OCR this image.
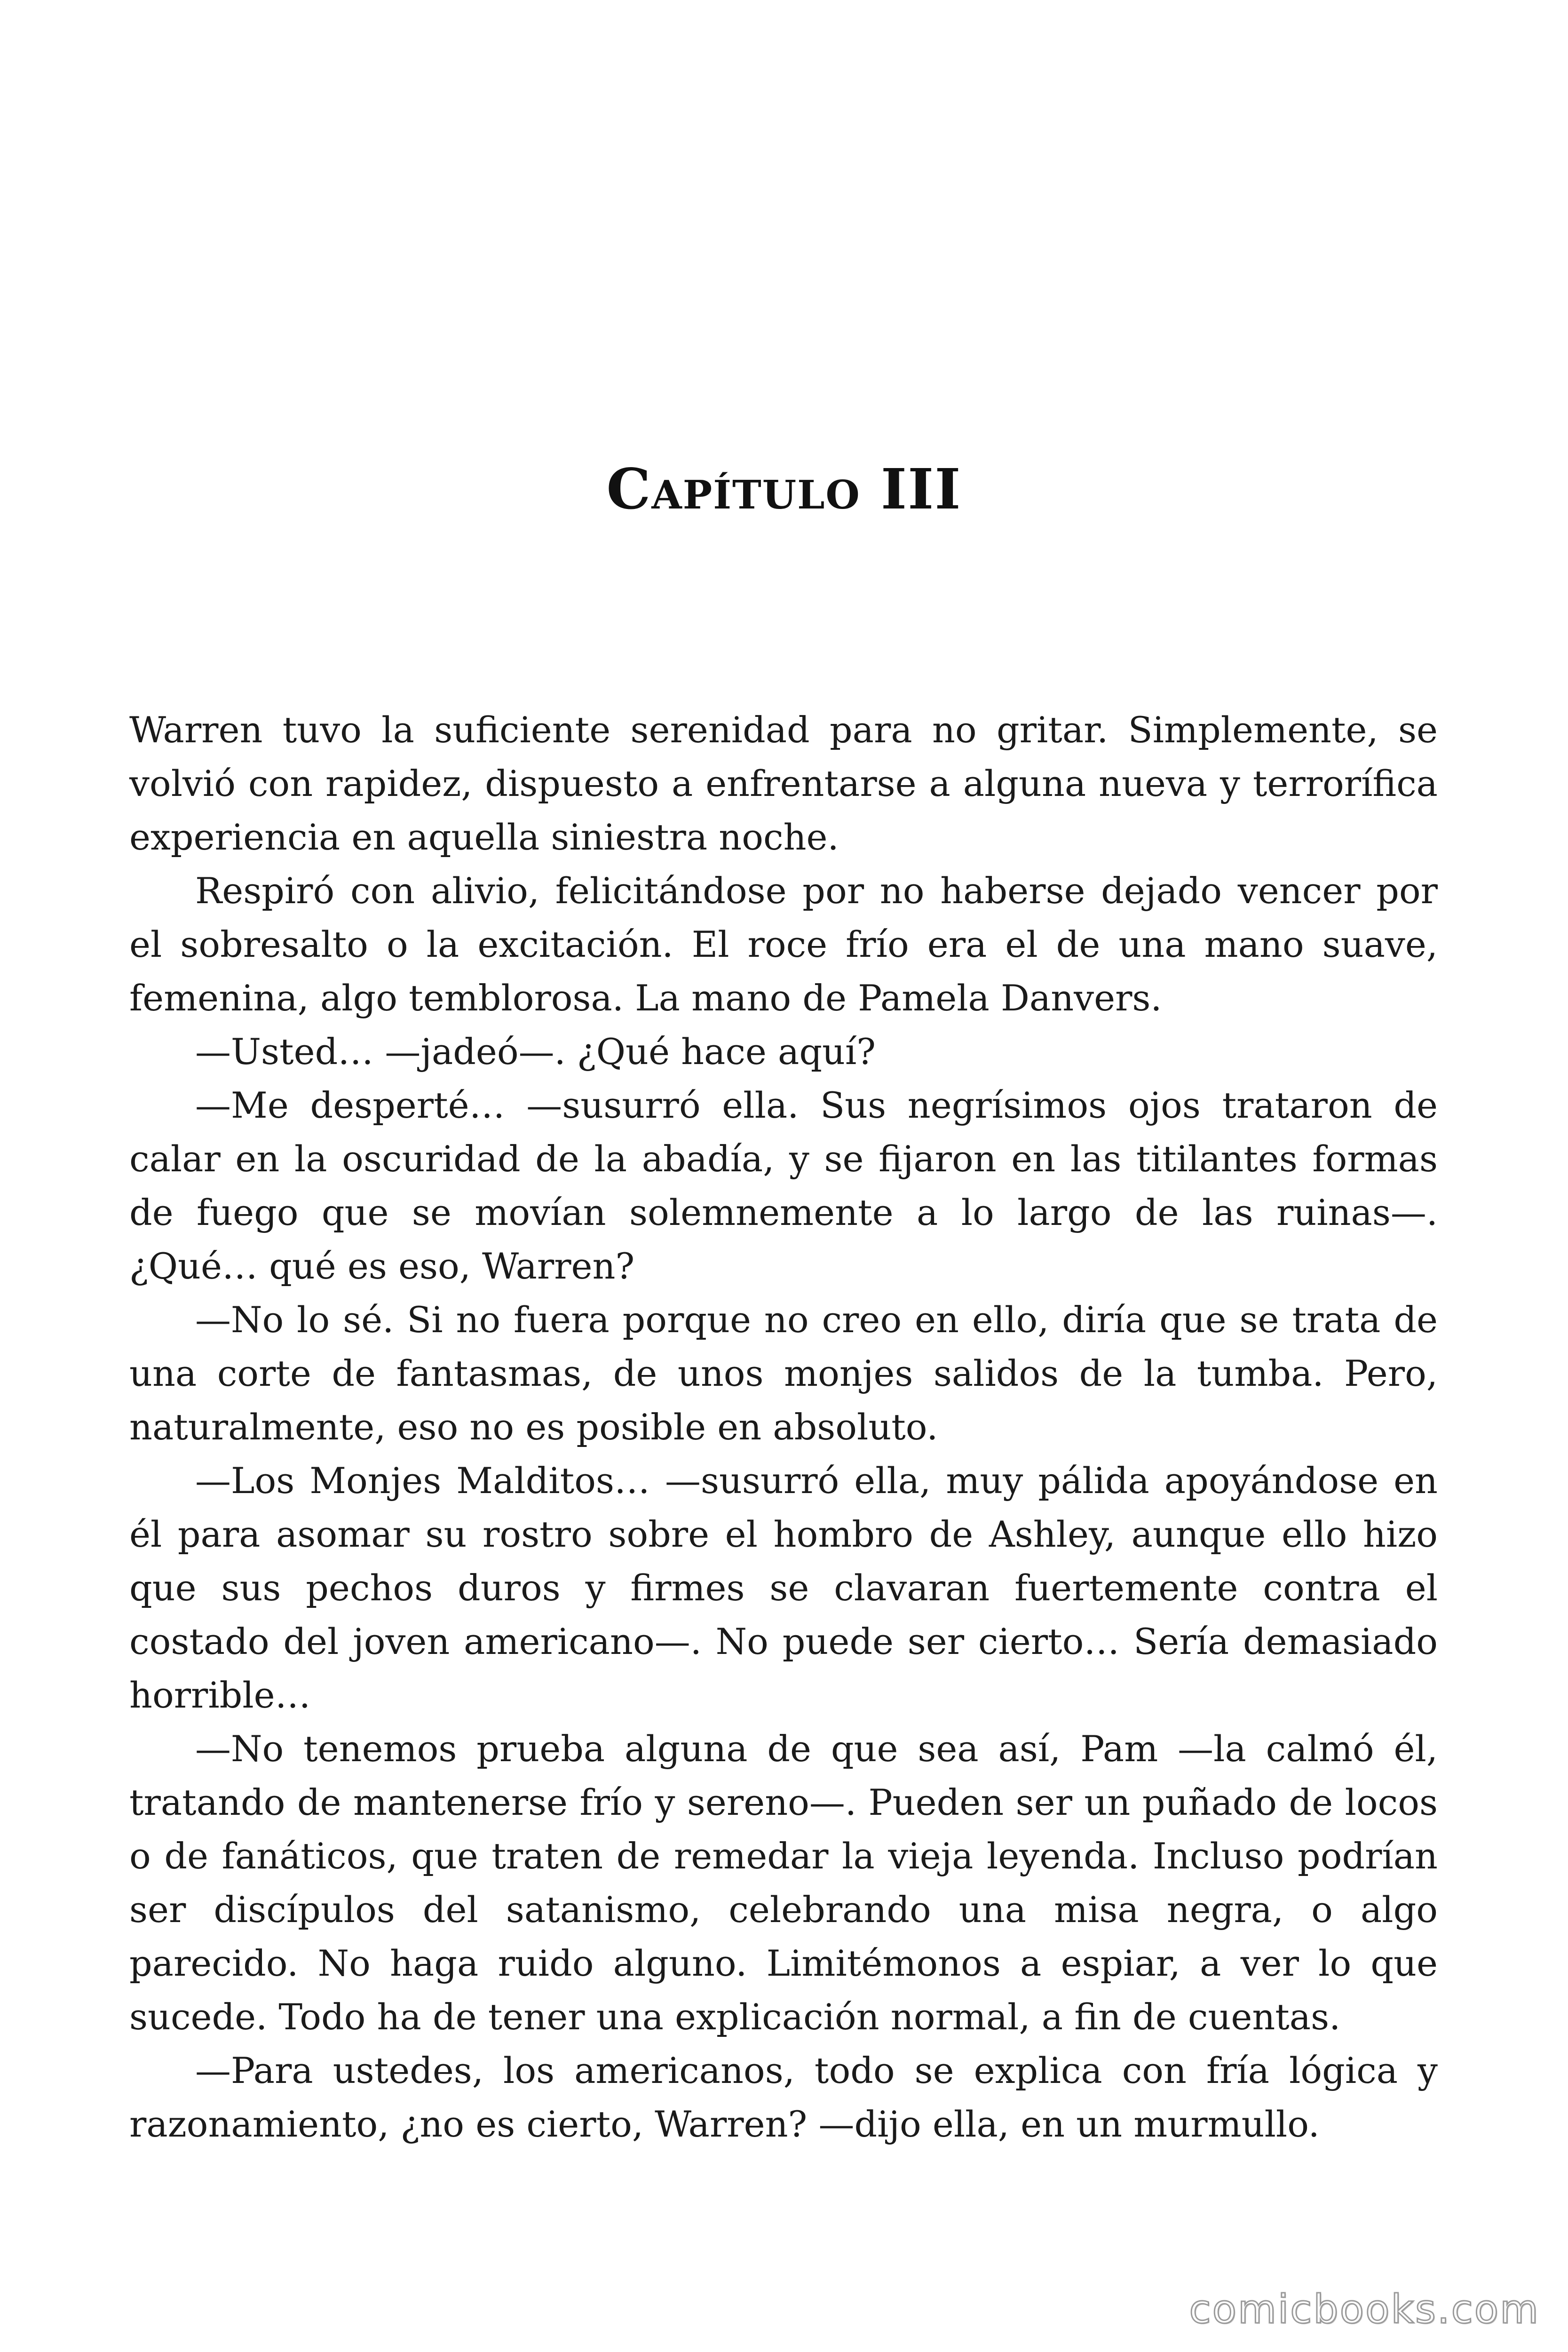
Capítulo III

Warren tuvo la suficiente serenidad para no gritar. Simplemente, se volvió con rapidez, dispuesto a enfrentarse a alguna nueva y terrorífica experiencia en aquella siniestra noche.

Respiró con alivio, felicitándose por no haberse dejado vencer por el sobresalto o la excitación. El roce frío era el de una mano suave, femenina, algo temblorosa. La mano de Pamela Danvers.

—Usted… —jadeó—. ¿Qué hace aquí?

—Me desperté… —susurró ella. Sus negrísimos ojos trataron de calar en la oscuridad de la abadía, y se fijaron en las titilantes formas de fuego que se movían solemnemente a lo largo de las ruinas—. ¿Qué… qué es eso, Warren?

—No lo sé. Si no fuera porque no creo en ello, diría que se trata de una corte de fantasmas, de unos monjes salidos de la tumba. Pero, naturalmente, eso no es posible en absoluto.

—Los Monjes Malditos… —susurró ella, muy pálida apoyándose en él para asomar su rostro sobre el hombro de Ashley, aunque ello hizo que sus pechos duros y firmes se clavaran fuertemente contra el costado del joven americano—. No puede ser cierto… Sería demasiado horrible…

—No tenemos prueba alguna de que sea así, Pam —la calmó él, tratando de mantenerse frío y sereno—. Pueden ser un puñado de locos o de fanáticos, que traten de remedar la vieja leyenda. Incluso podrían ser discípulos del satanismo, celebrando una misa negra, o algo parecido. No haga ruido alguno. Limitémonos a espiar, a ver lo que sucede. Todo ha de tener una explicación normal, a fin de cuentas.

—Para ustedes, los americanos, todo se explica con fría lógica y razonamiento, ¿no es cierto, Warren? —dijo ella, en un murmullo.

comicbooks.com
